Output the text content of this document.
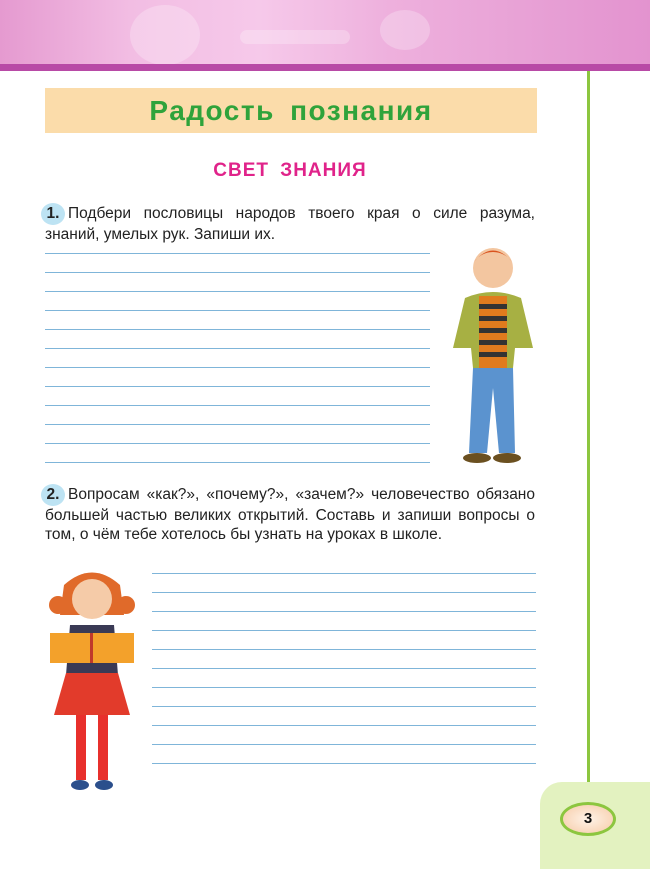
Радость познания
СВЕТ ЗНАНИЯ
1. Подбери пословицы народов твоего края о силе разума, знаний, умелых рук. Запиши их.
2. Вопросам «как?», «почему?», «зачем?» человечество обязано большей частью великих открытий. Составь и запиши вопросы о том, о чём тебе хотелось бы узнать на уроках в школе.
3
